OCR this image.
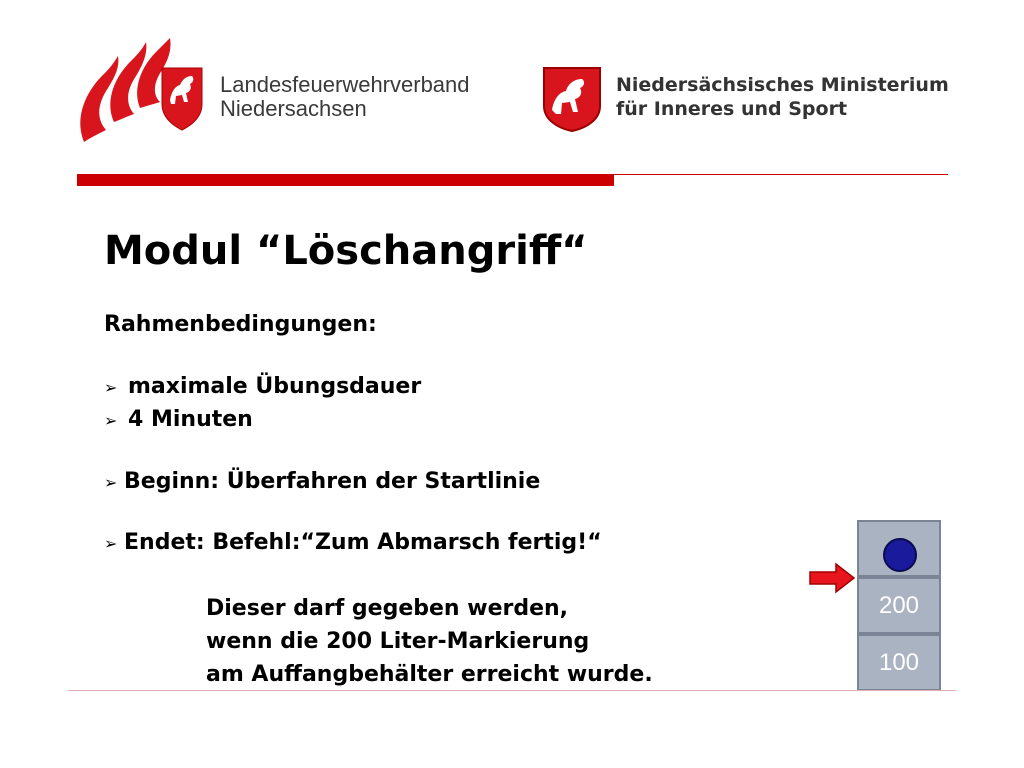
Landesfeuerwehrverband
Niedersachsen
Niedersächsisches Ministerium
für Inneres und Sport
Modul “Löschangriff“
Rahmenbedingungen:
➢ maximale Übungsdauer
➢ 4 Minuten
➢ Beginn: Überfahren der Startlinie
➢ Endet: Befehl:“Zum Abmarsch fertig!“
Dieser darf gegeben werden,
wenn die 200 Liter-Markierung
am Auffangbehälter erreicht wurde.
200
100
